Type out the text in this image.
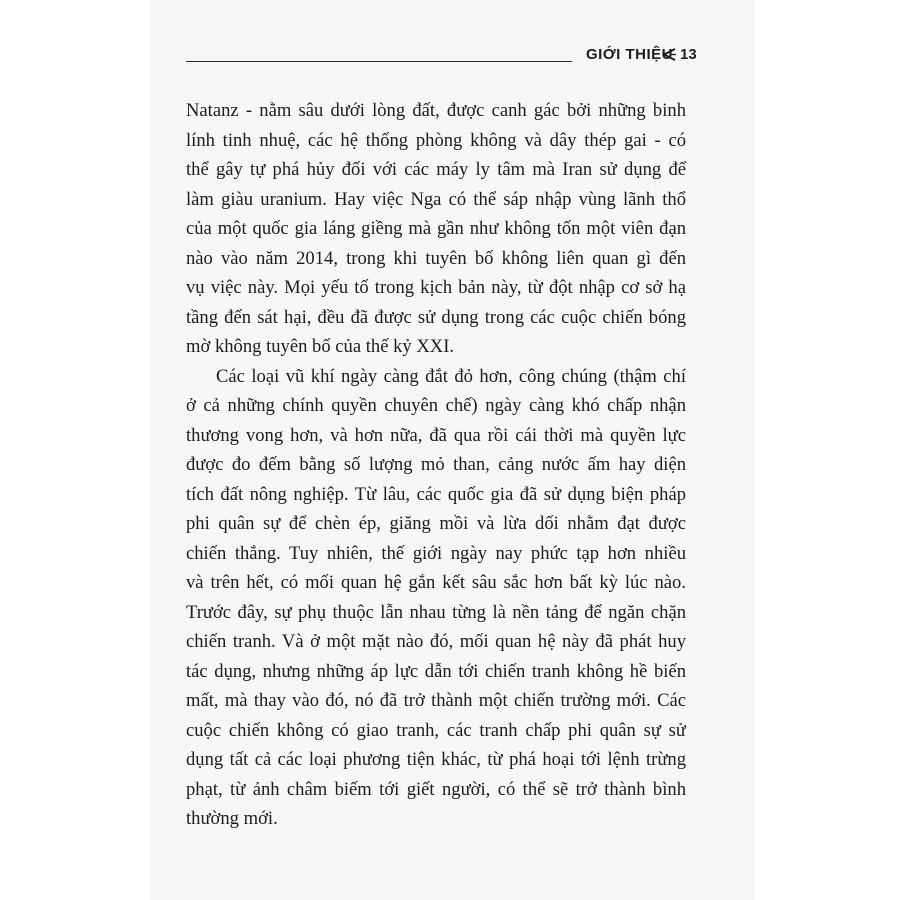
GIỚI THIỆU 13

Natanz - nằm sâu dưới lòng đất, được canh gác bởi những binh
lính tinh nhuệ, các hệ thống phòng không và dây thép gai - có
thể gây tự phá hủy đối với các máy ly tâm mà Iran sử dụng để
làm giàu uranium. Hay việc Nga có thể sáp nhập vùng lãnh thổ
của một quốc gia láng giềng mà gần như không tốn một viên đạn
nào vào năm 2014, trong khi tuyên bố không liên quan gì đến
vụ việc này. Mọi yếu tố trong kịch bản này, từ đột nhập cơ sở hạ
tầng đến sát hại, đều đã được sử dụng trong các cuộc chiến bóng
mờ không tuyên bố của thế kỷ XXI.

Các loại vũ khí ngày càng đắt đỏ hơn, công chúng (thậm chí
ở cả những chính quyền chuyên chế) ngày càng khó chấp nhận
thương vong hơn, và hơn nữa, đã qua rồi cái thời mà quyền lực
được đo đếm bằng số lượng mỏ than, cảng nước ấm hay diện
tích đất nông nghiệp. Từ lâu, các quốc gia đã sử dụng biện pháp
phi quân sự để chèn ép, giăng mồi và lừa dối nhằm đạt được
chiến thắng. Tuy nhiên, thế giới ngày nay phức tạp hơn nhiều
và trên hết, có mối quan hệ gắn kết sâu sắc hơn bất kỳ lúc nào.
Trước đây, sự phụ thuộc lẫn nhau từng là nền tảng để ngăn chặn
chiến tranh. Và ở một mặt nào đó, mối quan hệ này đã phát huy
tác dụng, nhưng những áp lực dẫn tới chiến tranh không hề biến
mất, mà thay vào đó, nó đã trở thành một chiến trường mới. Các
cuộc chiến không có giao tranh, các tranh chấp phi quân sự sử
dụng tất cả các loại phương tiện khác, từ phá hoại tới lệnh trừng
phạt, từ ảnh châm biếm tới giết người, có thể sẽ trở thành bình
thường mới.
